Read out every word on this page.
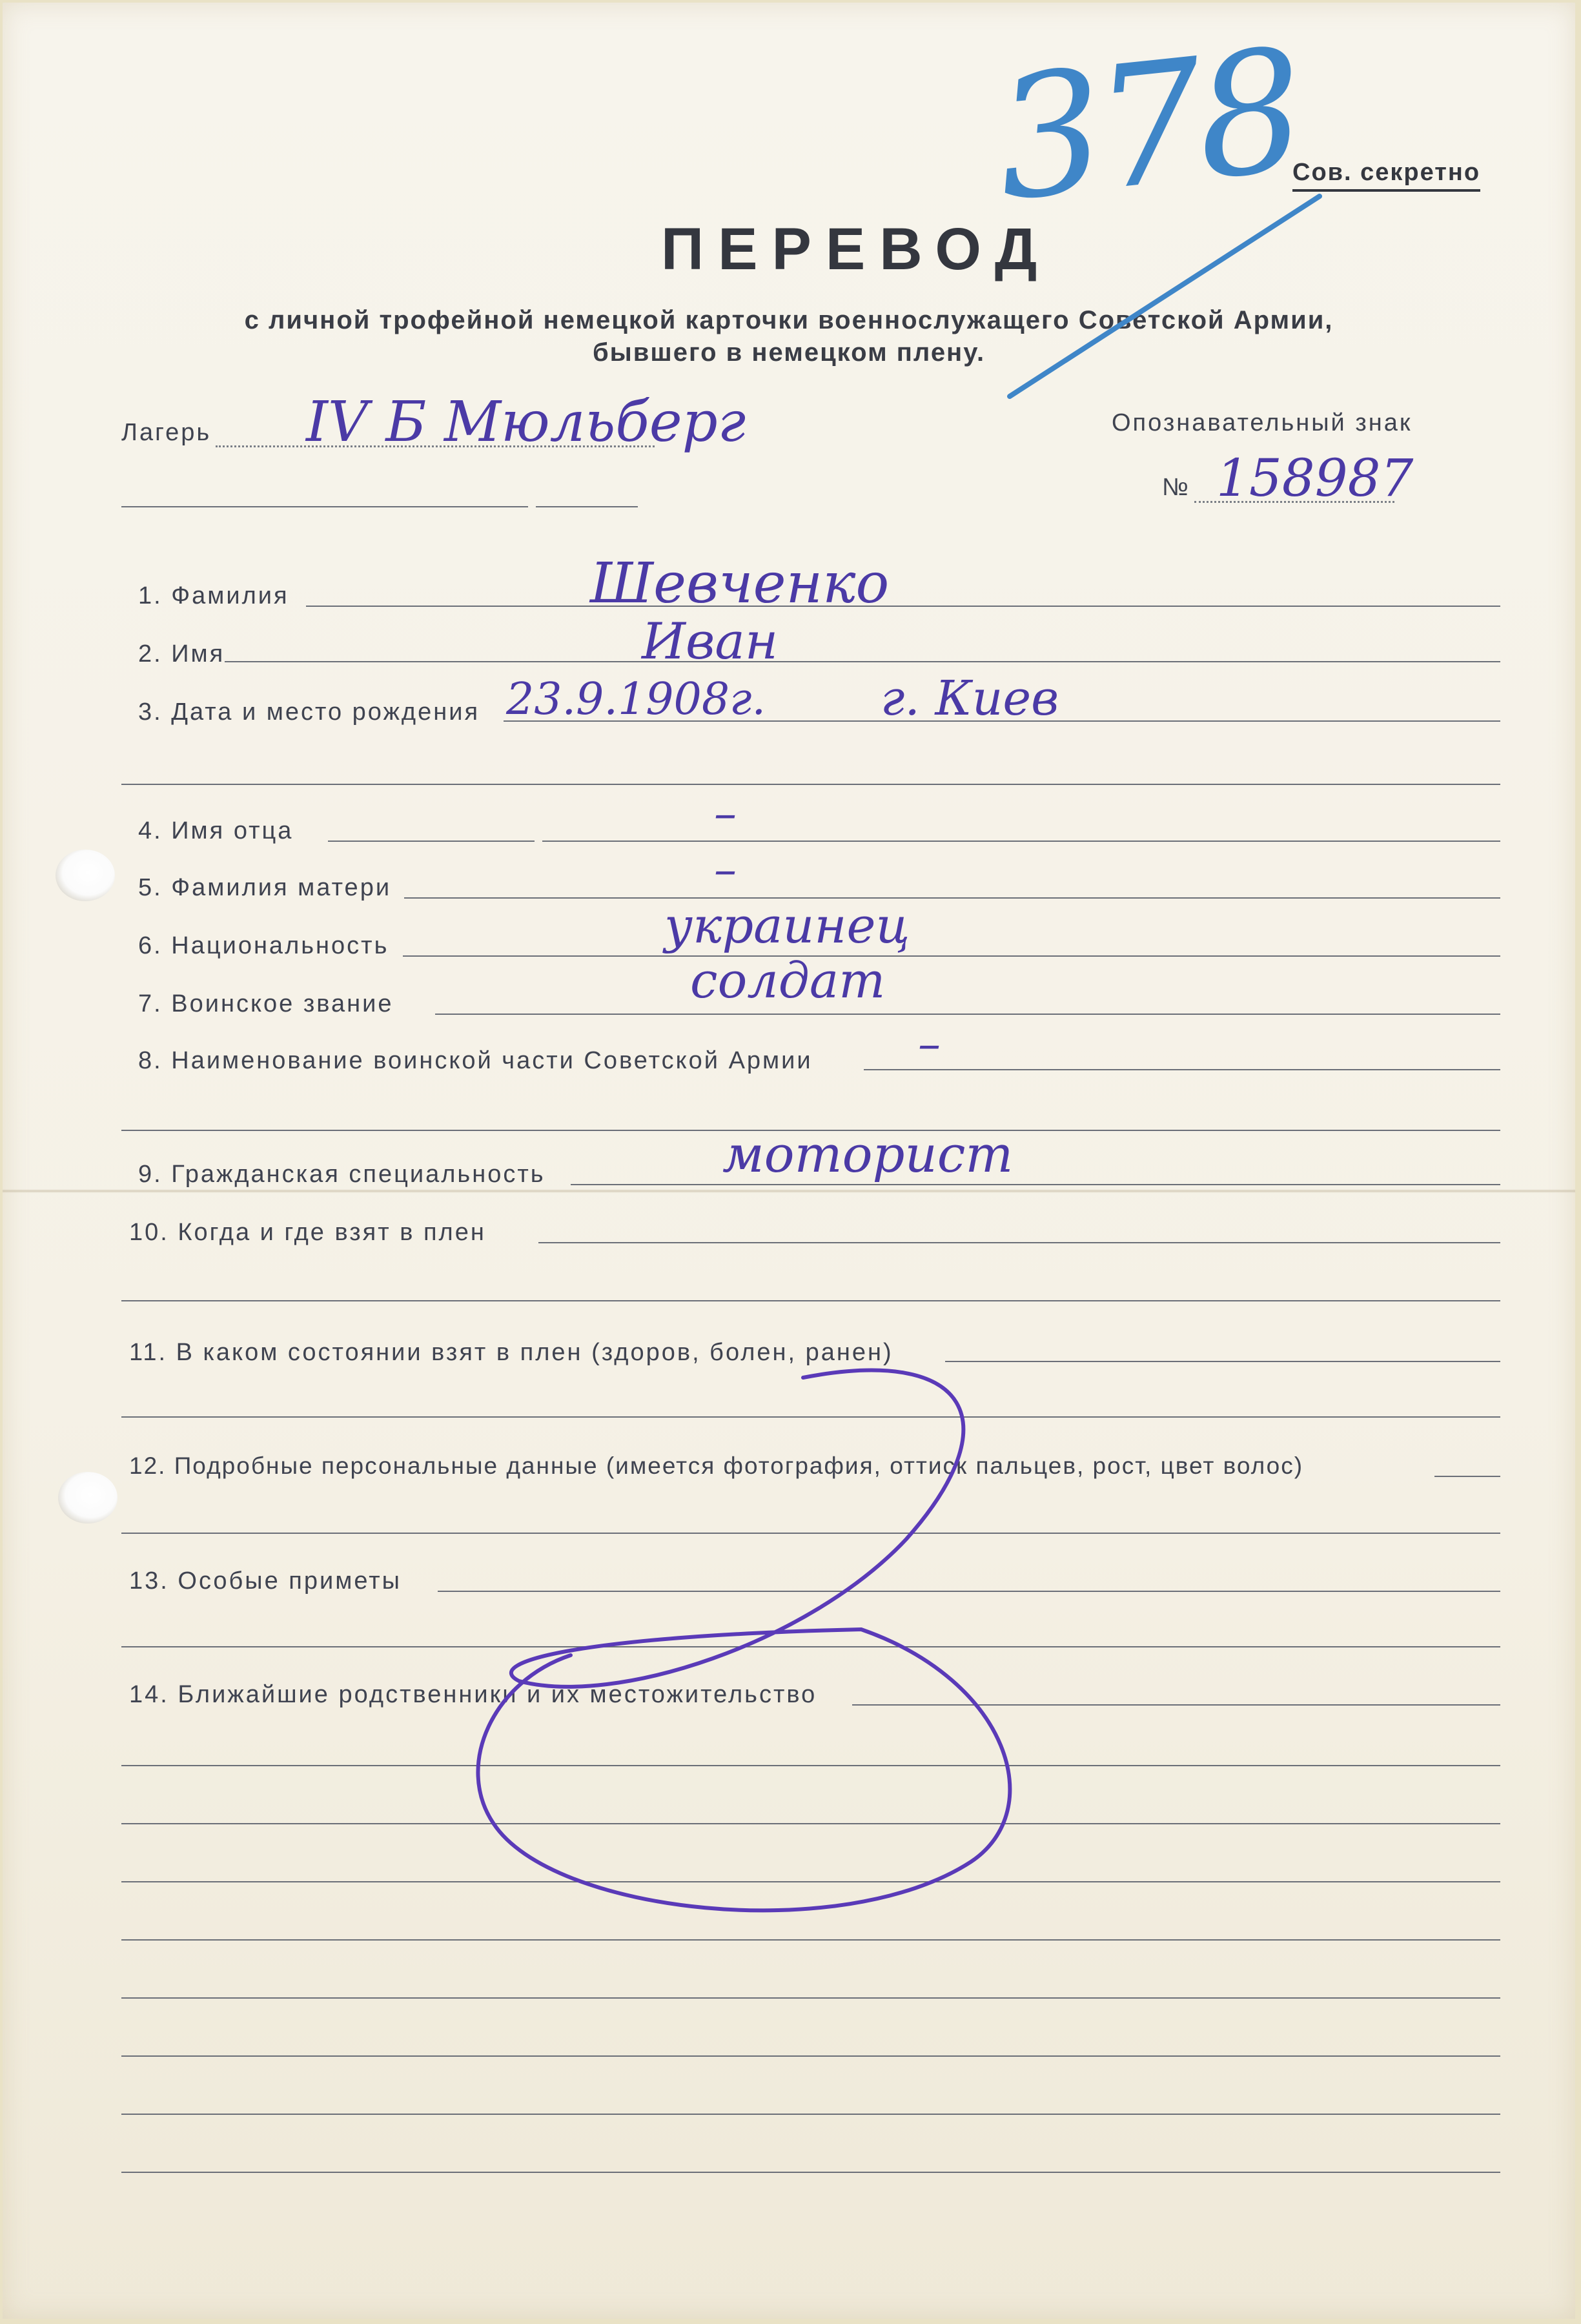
Сов. секретно
ПЕРЕВОД
с личной трофейной немецкой карточки военнослужащего Советской Армии,
бывшего в немецком плену.
378
Лагерь IV Б Мюльберг	Опознавательный знак
№ 158987
1. Фамилия	Шевченко
2. Имя	Иван
3. Дата и место рождения 23.9.1908г. г. Киев
4. Имя отца	–
5. Фамилия матери	–
6. Национальность	украинец
7. Воинское звание	солдат
8. Наименование воинской части Советской Армии –
9. Гражданская специальность	моторист
10. Когда и где взят в плен
11. В каком состоянии взят в плен (здоров, болен, ранен)
12. Подробные персональные данные (имеется фотография, оттиск пальцев, рост, цвет волос)
13. Особые приметы
14. Ближайшие родственники и их местожительство
